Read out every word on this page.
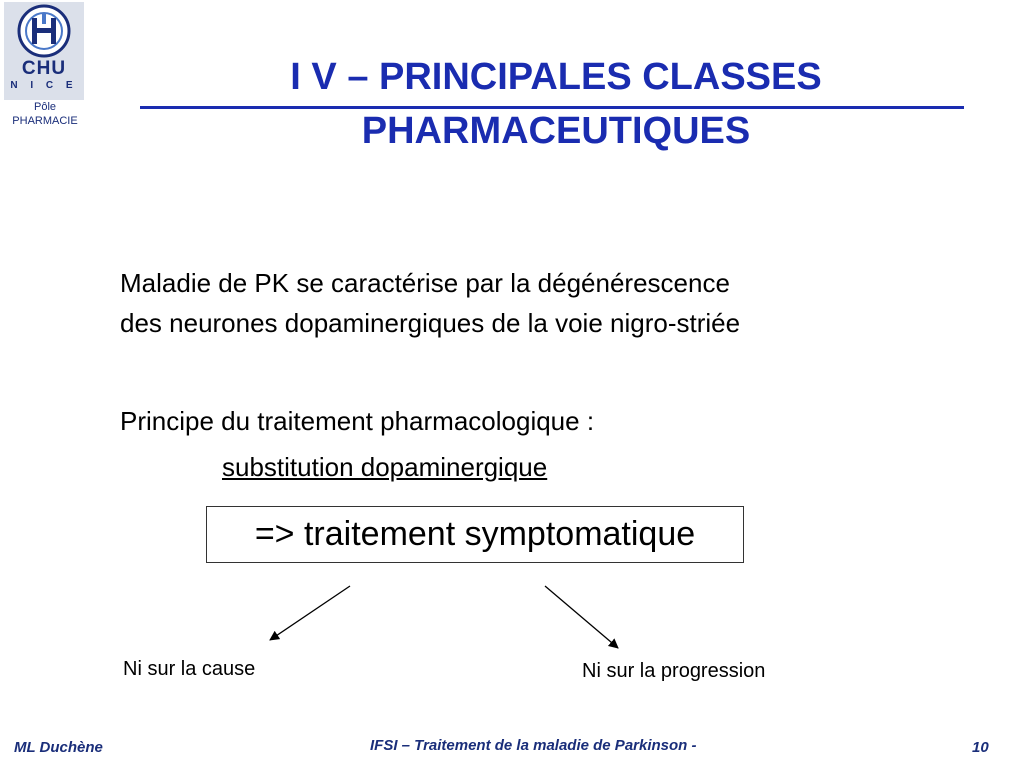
CHU
N I C E
Pôle
PHARMACIE
I V – PRINCIPALES CLASSES
PHARMACEUTIQUES
Maladie de PK se caractérise par la dégénérescence
des neurones dopaminergiques de la voie nigro-striée
Principe du traitement pharmacologique :
substitution dopaminergique
=> traitement symptomatique
Ni sur la cause	Ni sur la progression
ML Duchène	IFSI – Traitement de la maladie de Parkinson -	10
